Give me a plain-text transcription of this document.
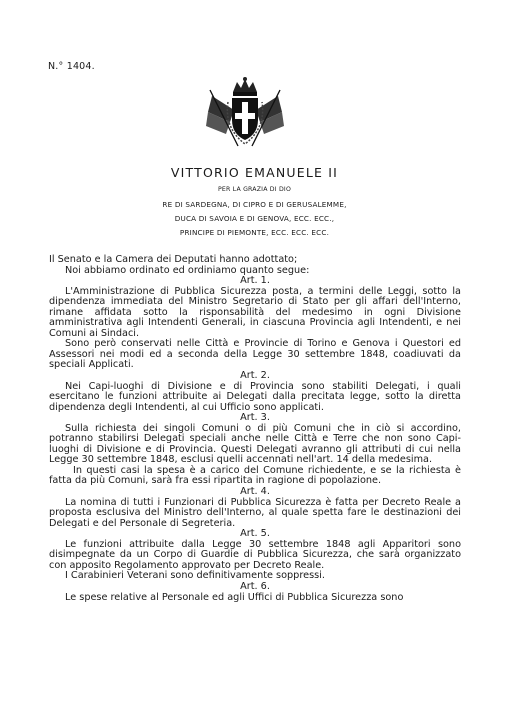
N.° 1404.
VITTORIO EMANUELE II
PER LA GRAZIA DI DIO
RE DI SARDEGNA, DI CIPRO E DI GERUSALEMME,
DUCA DI SAVOIA E DI GENOVA, ECC. ECC.,
PRINCIPE DI PIEMONTE, ECC. ECC. ECC.

Il Senato e la Camera dei Deputati hanno adottato;

Noi abbiamo ordinato ed ordiniamo quanto segue:

Art. 1.

L'Amministrazione di Pubblica Sicurezza posta, a termini delle Leggi, sotto la dipendenza immediata del Ministro Segretario di Stato per gli affari dell'Interno, rimane affidata sotto la risponsabilità del medesimo in ogni Divisione amministrativa agli Intendenti Generali, in ciascuna Provincia agli Intendenti, e nei Comuni ai Sindaci.

Sono però conservati nelle Città e Provincie di Torino e Genova i Questori ed Assessori nei modi ed a seconda della Legge 30 settembre 1848, coadiuvati da speciali Applicati.

Art. 2.

Nei Capi-luoghi di Divisione e di Provincia sono stabiliti Delegati, i quali esercitano le funzioni attribuite ai Delegati dalla precitata legge, sotto la diretta dipendenza degli Intendenti, al cui Ufficio sono applicati.

Art. 3.

Sulla richiesta dei singoli Comuni o di più Comuni che in ciò si accordino, potranno stabilirsi Delegati speciali anche nelle Città e Terre che non sono Capi-luoghi di Divisione e di Provincia. Questi Delegati avranno gli attributi di cui nella Legge 30 settembre 1848, esclusi quelli accennati nell'art. 14 della medesima.

In questi casi la spesa è a carico del Comune richiedente, e se la richiesta è fatta da più Comuni, sarà fra essi ripartita in ragione di popolazione.

Art. 4.

La nomina di tutti i Funzionari di Pubblica Sicurezza è fatta per Decreto Reale a proposta esclusiva del Ministro dell'Interno, al quale spetta fare le destinazioni dei Delegati e del Personale di Segreteria.

Art. 5.

Le funzioni attribuite dalla Legge 30 settembre 1848 agli Apparitori sono disimpegnate da un Corpo di Guardie di Pubblica Sicurezza, che sarà organizzato con apposito Regolamento approvato per Decreto Reale.

I Carabinieri Veterani sono definitivamente soppressi.

Art. 6.

Le spese relative al Personale ed agli Uffici di Pubblica Sicurezza sono
